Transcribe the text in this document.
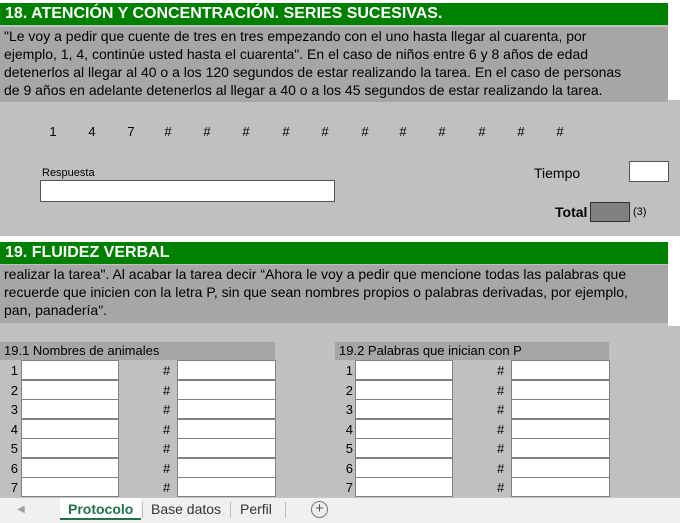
18. ATENCIÓN Y CONCENTRACIÓN. SERIES SUCESIVAS.
"Le voy a pedir que cuente de tres en tres empezando con el uno hasta llegar al cuarenta, por
ejemplo, 1, 4, continúe usted hasta el cuarenta". En el caso de niños entre 6 y 8 años de edad
detenerlos al llegar al 40 o a los 120 segundos de estar realizando la tarea. En el caso de personas
de 9 años en adelante detenerlos al llegar a 40 o a los 45 segundos de estar realizando la tarea.
1	4	7	#	#	#	#	#	#	#	#	#	#	#
Respuesta	Tiempo
Total	(3)
19. FLUIDEZ VERBAL
realizar la tarea". Al acabar la tarea decir “Ahora le voy a pedir que mencione todas las palabras que
recuerde que inicien con la letra P, sin que sean nombres propios o palabras derivadas, por ejemplo,
pan, panadería".
19.1 Nombres de animales	19.2 Palabras que inician con P
1	#	1	#
2	#	2	#
3	#	3	#
4	#	4	#
5	#	5	#
6	#	6	#
7	#	7	#
◀	Protocolo	Base datos	Perfil	+
